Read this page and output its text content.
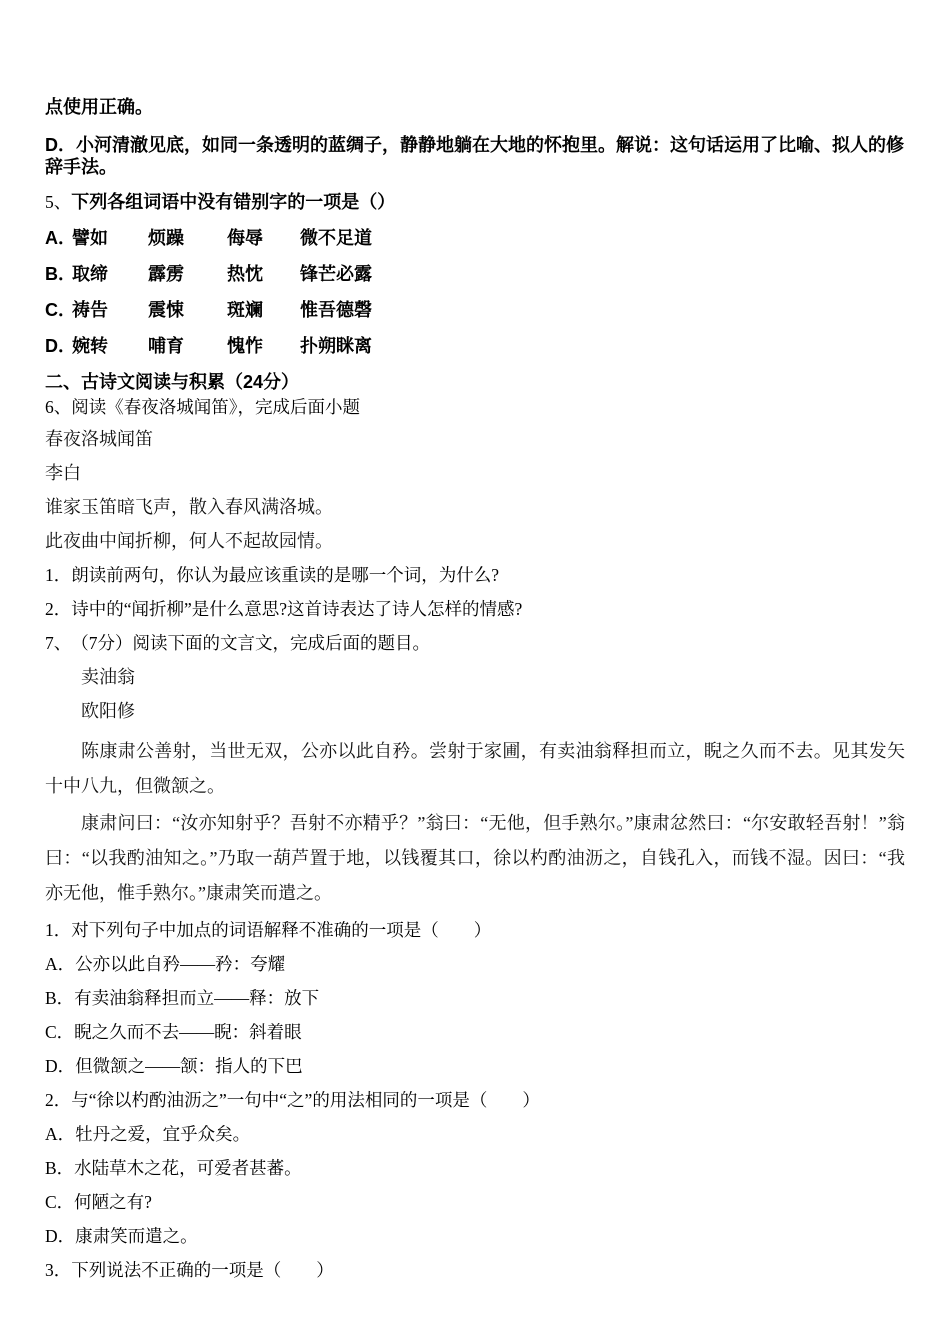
点使用正确。
D．小河清澈见底，如同一条透明的蓝绸子，静静地躺在大地的怀抱里。解说：这句话运用了比喻、拟人的修辞手法。
5、下列各组词语中没有错别字的一项是（）
A．譬如 烦躁 侮辱 微不足道
B．取缔 霹雳 热忱 锋芒必露
C．祷告 震悚 斑斓 惟吾德磬
D．婉转 哺育 愧怍 扑朔眯离
二、古诗文阅读与积累（24分）
6、阅读《春夜洛城闻笛》，完成后面小题
春夜洛城闻笛
李白
谁家玉笛暗飞声，散入春风满洛城。
此夜曲中闻折柳，何人不起故园情。
1．朗读前两句，你认为最应该重读的是哪一个词，为什么?
2．诗中的“闻折柳”是什么意思?这首诗表达了诗人怎样的情感?
7、（7分）阅读下面的文言文，完成后面的题目。
卖油翁
欧阳修
陈康肃公善射，当世无双，公亦以此自矜。尝射于家圃，有卖油翁释担而立，睨之久而不去。见其发矢十中八九，但微颔之。
康肃问曰：“汝亦知射乎？吾射不亦精乎？”翁曰：“无他，但手熟尔。”康肃忿然曰：“尔安敢轻吾射！”翁曰：“以我酌油知之。”乃取一葫芦置于地，以钱覆其口，徐以杓酌油沥之，自钱孔入，而钱不湿。因曰：“我亦无他，惟手熟尔。”康肃笑而遣之。
1．对下列句子中加点的词语解释不准确的一项是（　　）
A．公亦以此自矜——矜：夸耀
B．有卖油翁释担而立——释：放下
C．睨之久而不去——睨：斜着眼
D．但微颔之——颔：指人的下巴
2．与“徐以杓酌油沥之”一句中“之”的用法相同的一项是（　　）
A．牡丹之爱，宜乎众矣。
B．水陆草木之花，可爱者甚蕃。
C．何陋之有?
D．康肃笑而遣之。
3．下列说法不正确的一项是（　　）
